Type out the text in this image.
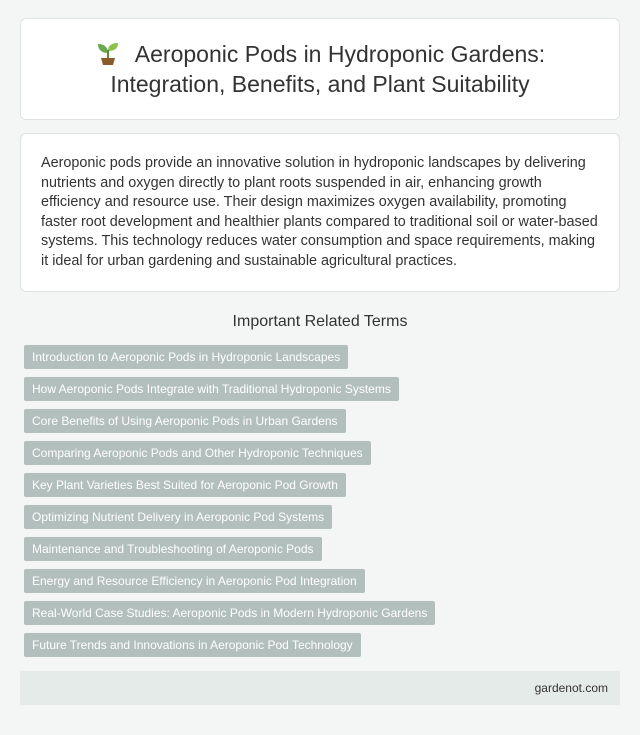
Aeroponic Pods in Hydroponic Gardens: Integration, Benefits, and Plant Suitability

Aeroponic pods provide an innovative solution in hydroponic landscapes by delivering nutrients and oxygen directly to plant roots suspended in air, enhancing growth efficiency and resource use. Their design maximizes oxygen availability, promoting faster root development and healthier plants compared to traditional soil or water-based systems. This technology reduces water consumption and space requirements, making it ideal for urban gardening and sustainable agricultural practices.

Important Related Terms
Introduction to Aeroponic Pods in Hydroponic Landscapes
How Aeroponic Pods Integrate with Traditional Hydroponic Systems
Core Benefits of Using Aeroponic Pods in Urban Gardens
Comparing Aeroponic Pods and Other Hydroponic Techniques
Key Plant Varieties Best Suited for Aeroponic Pod Growth
Optimizing Nutrient Delivery in Aeroponic Pod Systems
Maintenance and Troubleshooting of Aeroponic Pods
Energy and Resource Efficiency in Aeroponic Pod Integration
Real-World Case Studies: Aeroponic Pods in Modern Hydroponic Gardens
Future Trends and Innovations in Aeroponic Pod Technology
gardenot.com
